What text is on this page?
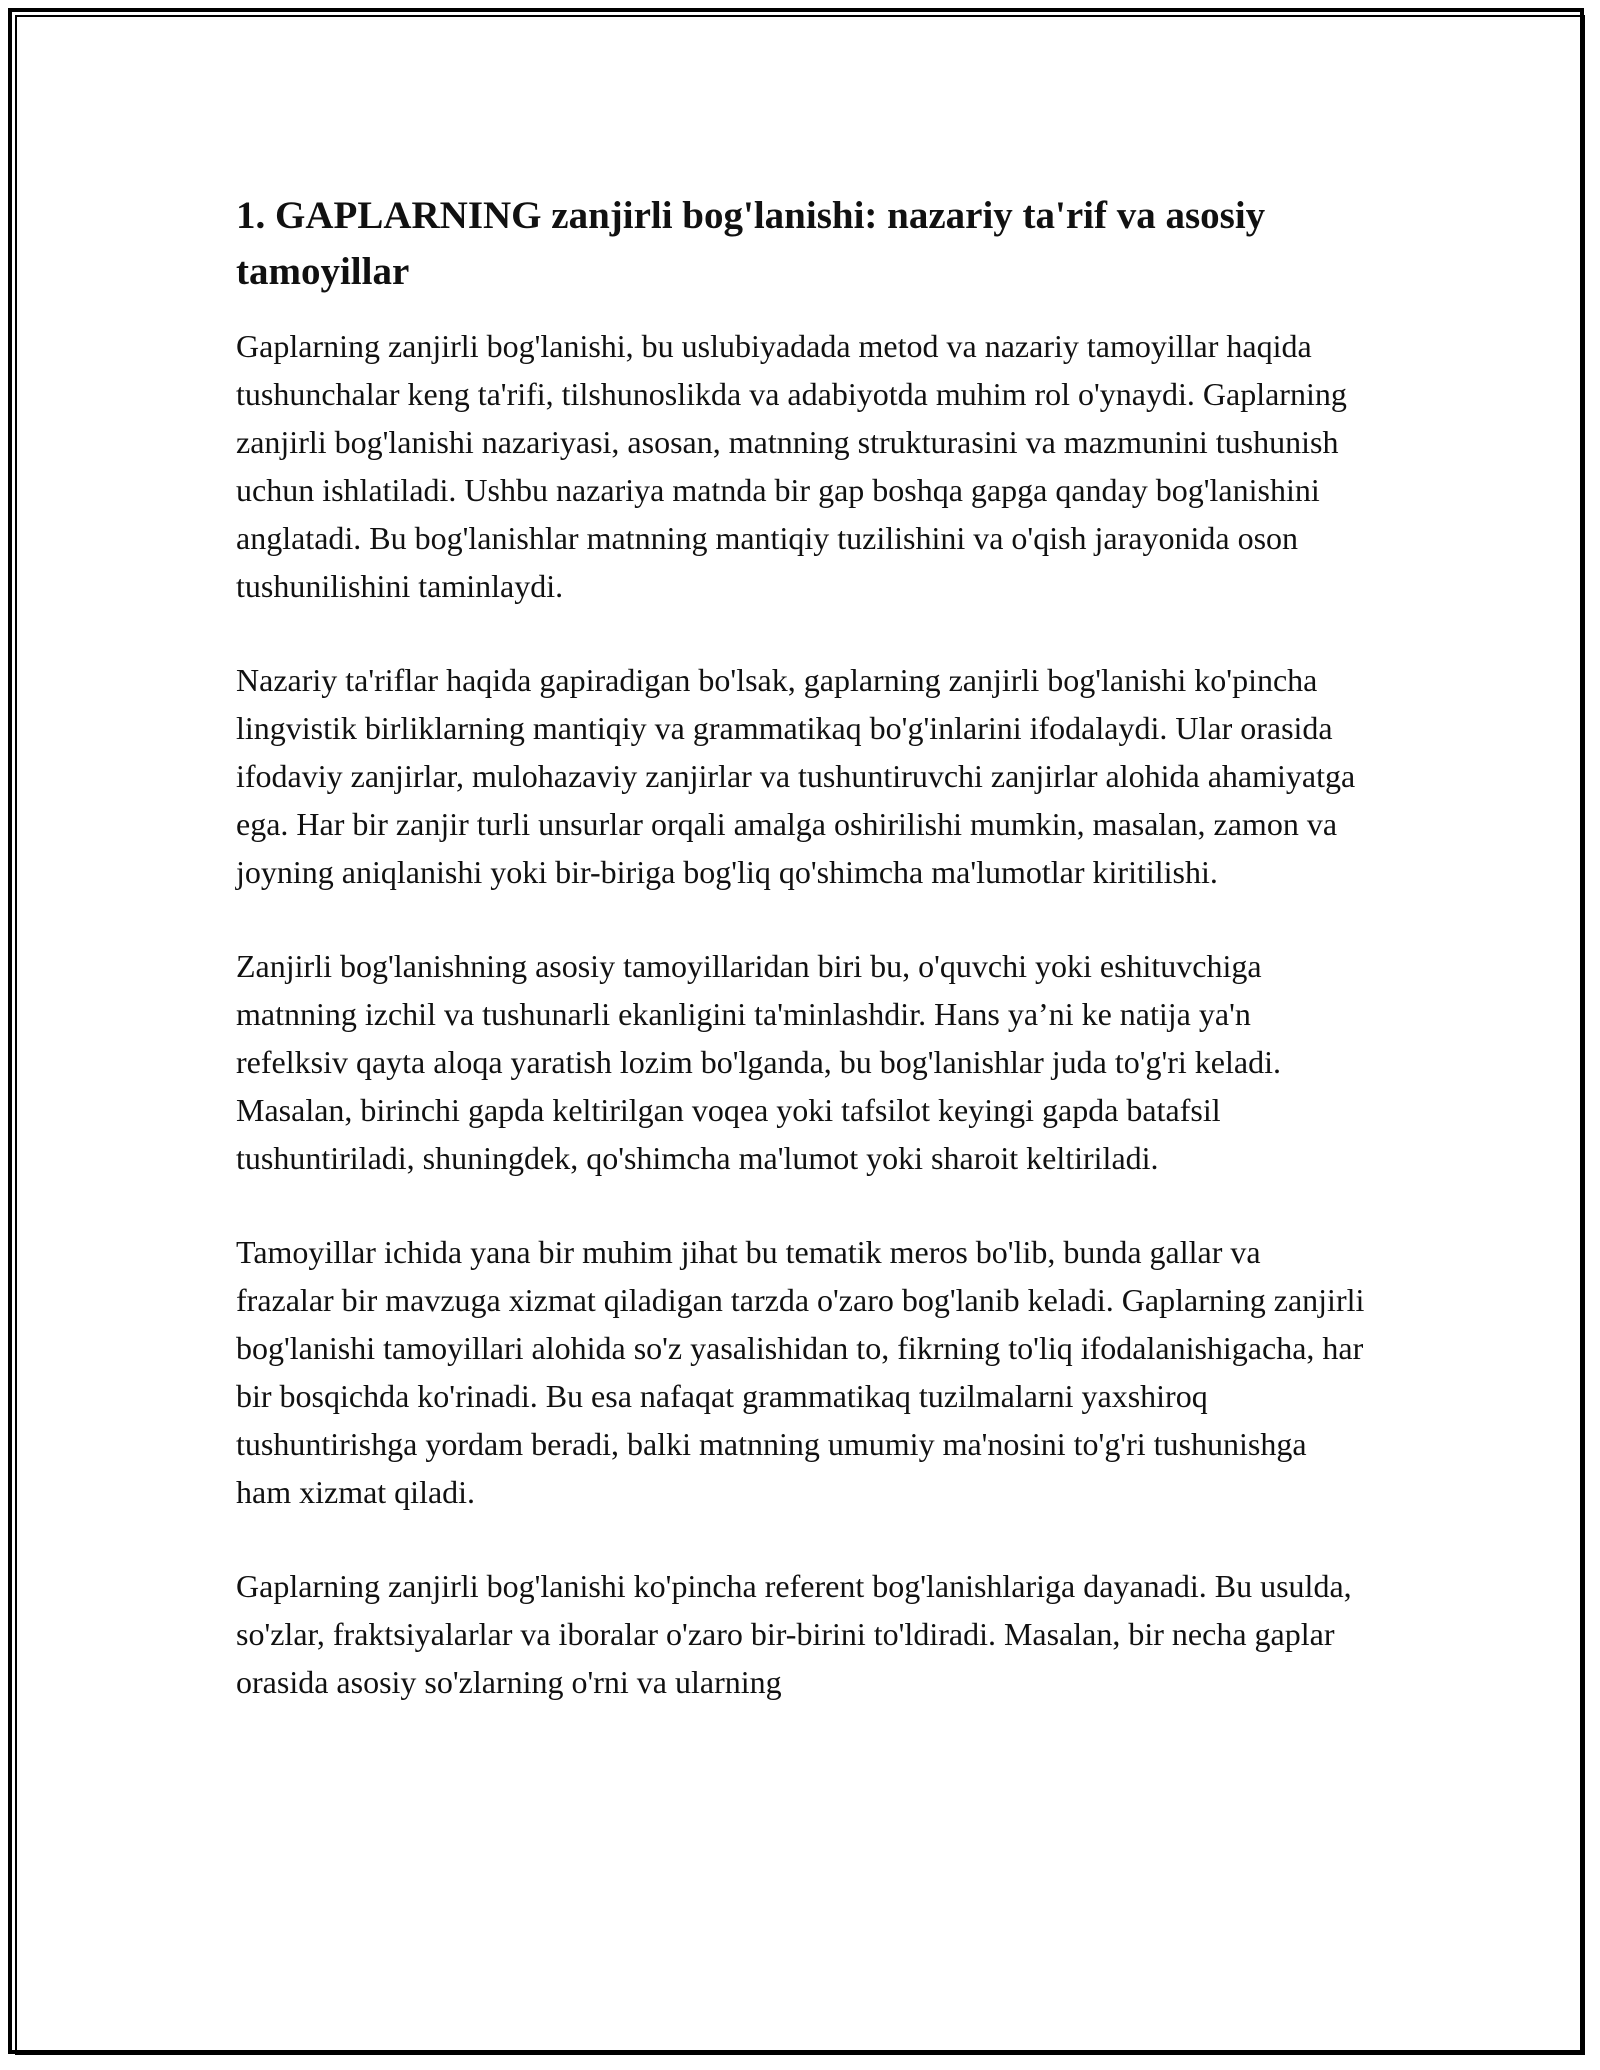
1. GAPLARNING zanjirli bog'lanishi: nazariy ta'rif va asosiy tamoyillar

Gaplarning zanjirli bog'lanishi, bu uslubiyadada metod va nazariy tamoyillar haqida tushunchalar keng ta'rifi, tilshunoslikda va adabiyotda muhim rol o'ynaydi. Gaplarning zanjirli bog'lanishi nazariyasi, asosan, matnning strukturasini va mazmunini tushunish uchun ishlatiladi. Ushbu nazariya matnda bir gap boshqa gapga qanday bog'lanishini anglatadi. Bu bog'lanishlar matnning mantiqiy tuzilishini va o'qish jarayonida oson tushunilishini taminlaydi.

Nazariy ta'riflar haqida gapiradigan bo'lsak, gaplarning zanjirli bog'lanishi ko'pincha lingvistik birliklarning mantiqiy va grammatikaq bo'g'inlarini ifodalaydi. Ular orasida ifodaviy zanjirlar, mulohazaviy zanjirlar va tushuntiruvchi zanjirlar alohida ahamiyatga ega. Har bir zanjir turli unsurlar orqali amalga oshirilishi mumkin, masalan, zamon va joyning aniqlanishi yoki bir-biriga bog'liq qo'shimcha ma'lumotlar kiritilishi.

Zanjirli bog'lanishning asosiy tamoyillaridan biri bu, o'quvchi yoki eshituvchiga matnning izchil va tushunarli ekanligini ta'minlashdir. Hans ya’ni ke natija ya'n refelksiv qayta aloqa yaratish lozim bo'lganda, bu bog'lanishlar juda to'g'ri keladi. Masalan, birinchi gapda keltirilgan voqea yoki tafsilot keyingi gapda batafsil tushuntiriladi, shuningdek, qo'shimcha ma'lumot yoki sharoit keltiriladi.

Tamoyillar ichida yana bir muhim jihat bu tematik meros bo'lib, bunda gallar va frazalar bir mavzuga xizmat qiladigan tarzda o'zaro bog'lanib keladi. Gaplarning zanjirli bog'lanishi tamoyillari alohida so'z yasalishidan to, fikrning to'liq ifodalanishigacha, har bir bosqichda ko'rinadi. Bu esa nafaqat grammatikaq tuzilmalarni yaxshiroq tushuntirishga yordam beradi, balki matnning umumiy ma'nosini to'g'ri tushunishga ham xizmat qiladi.

Gaplarning zanjirli bog'lanishi ko'pincha referent bog'lanishlariga dayanadi. Bu usulda, so'zlar, fraktsiyalarlar va iboralar o'zaro bir-birini to'ldiradi. Masalan, bir necha gaplar orasida asosiy so'zlarning o'rni va ularning
